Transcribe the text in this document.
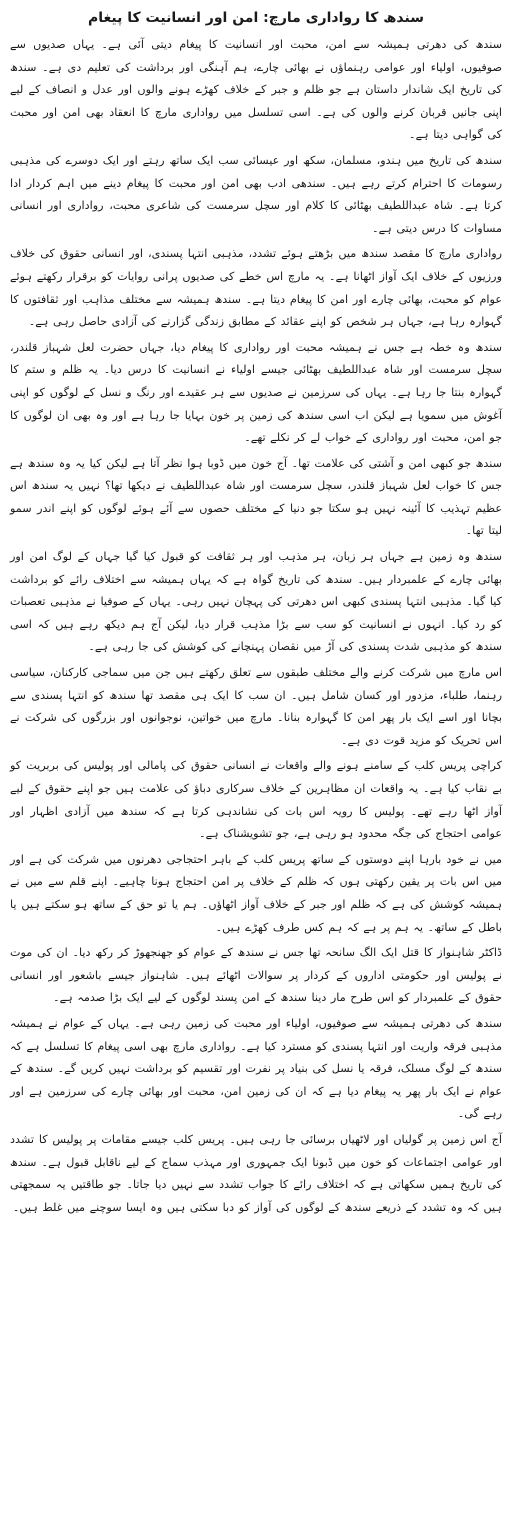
سندھ کا رواداری مارچ: امن اور انسانیت کا پیغام

سندھ کی دھرتی ہمیشہ سے امن، محبت اور انسانیت کا پیغام دیتی آئی ہے۔ یہاں صدیوں سے صوفیوں، اولیاء اور عوامی رہنماؤں نے بھائی چارے، ہم آہنگی اور برداشت کی تعلیم دی ہے۔ سندھ کی تاریخ ایک شاندار داستان ہے جو ظلم و جبر کے خلاف کھڑے ہونے والوں اور عدل و انصاف کے لیے اپنی جانیں قربان کرنے والوں کی ہے۔ اسی تسلسل میں رواداری مارچ کا انعقاد بھی امن اور محبت کی گواہی دیتا ہے۔

سندھ کی تاریخ میں ہندو، مسلمان، سکھ اور عیسائی سب ایک ساتھ رہتے اور ایک دوسرے کی مذہبی رسومات کا احترام کرتے رہے ہیں۔ سندھی ادب بھی امن اور محبت کا پیغام دینے میں اہم کردار ادا کرتا ہے۔ شاہ عبداللطیف بھٹائی کا کلام اور سچل سرمست کی شاعری محبت، رواداری اور انسانی مساوات کا درس دیتی ہے۔

رواداری مارچ کا مقصد سندھ میں بڑھتے ہوئے تشدد، مذہبی انتہا پسندی، اور انسانی حقوق کی خلاف ورزیوں کے خلاف ایک آواز اٹھانا ہے۔ یہ مارچ اس خطے کی صدیوں پرانی روایات کو برقرار رکھتے ہوئے عوام کو محبت، بھائی چارے اور امن کا پیغام دیتا ہے۔ سندھ ہمیشہ سے مختلف مذاہب اور ثقافتوں کا گہوارہ رہا ہے، جہاں ہر شخص کو اپنے عقائد کے مطابق زندگی گزارنے کی آزادی حاصل رہی ہے۔

سندھ وہ خطہ ہے جس نے ہمیشہ محبت اور رواداری کا پیغام دیا، جہاں حضرت لعل شہباز قلندر، سچل سرمست اور شاہ عبداللطیف بھٹائی جیسے اولیاء نے انسانیت کا درس دیا۔ یہ ظلم و ستم کا گہوارہ بنتا جا رہا ہے۔ یہاں کی سرزمین نے صدیوں سے ہر عقیدے اور رنگ و نسل کے لوگوں کو اپنی آغوش میں سمویا ہے لیکن اب اسی سندھ کی زمین پر خون بہایا جا رہا ہے اور وہ بھی ان لوگوں کا جو امن، محبت اور رواداری کے خواب لے کر نکلے تھے۔

سندھ جو کبھی امن و آشتی کی علامت تھا۔ آج خون میں ڈوبا ہوا نظر آتا ہے لیکن کیا یہ وہ سندھ ہے جس کا خواب لعل شہباز قلندر، سچل سرمست اور شاہ عبداللطیف نے دیکھا تھا؟ نہیں یہ سندھ اس عظیم تہذیب کا آئینہ نہیں ہو سکتا جو دنیا کے مختلف حصوں سے آئے ہوئے لوگوں کو اپنے اندر سمو لیتا تھا۔

سندھ وہ زمین ہے جہاں ہر زبان، ہر مذہب اور ہر ثقافت کو قبول کیا گیا جہاں کے لوگ امن اور بھائی چارے کے علمبردار ہیں۔ سندھ کی تاریخ گواہ ہے کہ یہاں ہمیشہ سے اختلاف رائے کو برداشت کیا گیا۔ مذہبی انتہا پسندی کبھی اس دھرتی کی پہچان نہیں رہی۔ یہاں کے صوفیا نے مذہبی تعصبات کو رد کیا۔ انہوں نے انسانیت کو سب سے بڑا مذہب قرار دیا، لیکن آج ہم دیکھ رہے ہیں کہ اسی سندھ کو مذہبی شدت پسندی کی آڑ میں نقصان پہنچانے کی کوشش کی جا رہی ہے۔

اس مارچ میں شرکت کرنے والے مختلف طبقوں سے تعلق رکھتے ہیں جن میں سماجی کارکنان، سیاسی رہنما، طلباء، مزدور اور کسان شامل ہیں۔ ان سب کا ایک ہی مقصد تھا سندھ کو انتہا پسندی سے بچانا اور اسے ایک بار پھر امن کا گہوارہ بنانا۔ مارچ میں خواتین، نوجوانوں اور بزرگوں کی شرکت نے اس تحریک کو مزید قوت دی ہے۔

کراچی پریس کلب کے سامنے ہونے والے واقعات نے انسانی حقوق کی پامالی اور پولیس کی بربریت کو بے نقاب کیا ہے۔ یہ واقعات ان مظاہرین کے خلاف سرکاری دباؤ کی علامت ہیں جو اپنے حقوق کے لیے آواز اٹھا رہے تھے۔ پولیس کا رویہ اس بات کی نشاندہی کرتا ہے کہ سندھ میں آزادی اظہار اور عوامی احتجاج کی جگہ محدود ہو رہی ہے، جو تشویشناک ہے۔

میں نے خود بارہا اپنے دوستوں کے ساتھ پریس کلب کے باہر احتجاجی دھرنوں میں شرکت کی ہے اور میں اس بات پر یقین رکھتی ہوں کہ ظلم کے خلاف پر امن احتجاج ہونا چاہیے۔ اپنے قلم سے میں نے ہمیشہ کوشش کی ہے کہ ظلم اور جبر کے خلاف آواز اٹھاؤں۔ ہم یا تو حق کے ساتھ ہو سکتے ہیں یا باطل کے ساتھ۔ یہ ہم پر ہے کہ ہم کس طرف کھڑے ہیں۔

ڈاکٹر شاہنواز کا قتل ایک الگ سانحہ تھا جس نے سندھ کے عوام کو جھنجھوڑ کر رکھ دیا۔ ان کی موت نے پولیس اور حکومتی اداروں کے کردار پر سوالات اٹھائے ہیں۔ شاہنواز جیسے باشعور اور انسانی حقوق کے علمبردار کو اس طرح مار دینا سندھ کے امن پسند لوگوں کے لیے ایک بڑا صدمہ ہے۔

سندھ کی دھرتی ہمیشہ سے صوفیوں، اولیاء اور محبت کی زمین رہی ہے۔ یہاں کے عوام نے ہمیشہ مذہبی فرقہ واریت اور انتہا پسندی کو مسترد کیا ہے۔ رواداری مارچ بھی اسی پیغام کا تسلسل ہے کہ سندھ کے لوگ مسلک، فرقہ یا نسل کی بنیاد پر نفرت اور تقسیم کو برداشت نہیں کریں گے۔ سندھ کے عوام نے ایک بار پھر یہ پیغام دیا ہے کہ ان کی زمین امن، محبت اور بھائی چارے کی سرزمین ہے اور رہے گی۔

آج اس زمین پر گولیاں اور لاٹھیاں برسائی جا رہی ہیں۔ پریس کلب جیسے مقامات پر پولیس کا تشدد اور عوامی اجتماعات کو خون میں ڈبونا ایک جمہوری اور مہذب سماج کے لیے ناقابل قبول ہے۔ سندھ کی تاریخ ہمیں سکھاتی ہے کہ اختلاف رائے کا جواب تشدد سے نہیں دیا جاتا۔ جو طاقتیں یہ سمجھتی ہیں کہ وہ تشدد کے ذریعے سندھ کے لوگوں کی آواز کو دبا سکتی ہیں وہ ایسا سوچنے میں غلط ہیں۔
